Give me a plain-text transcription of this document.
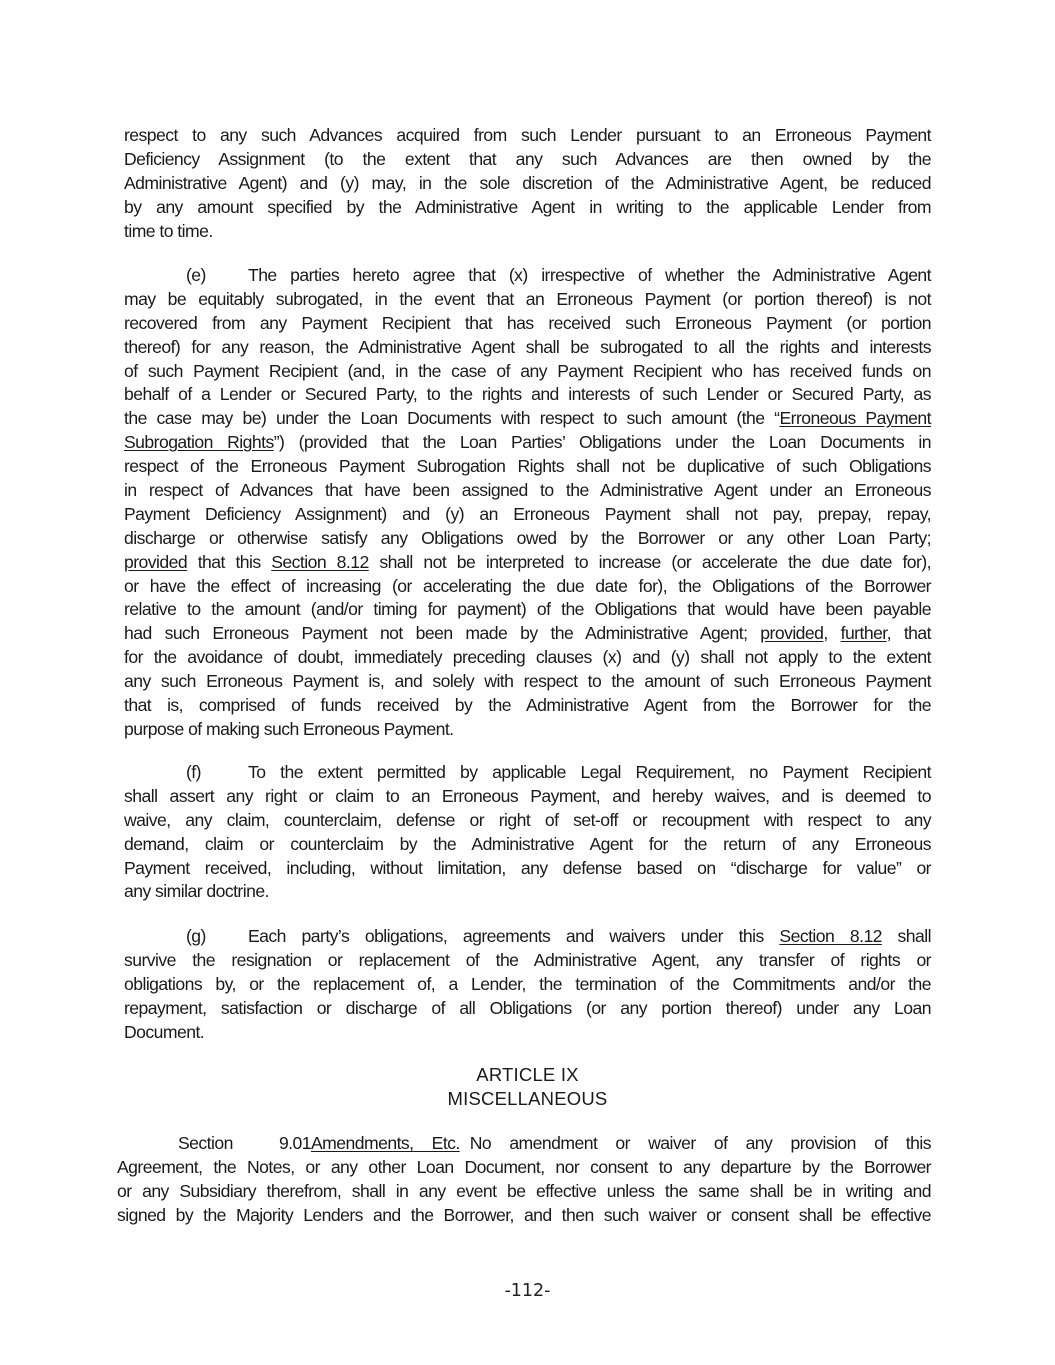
respect to any such Advances acquired from such Lender pursuant to an Erroneous Payment
Deficiency Assignment (to the extent that any such Advances are then owned by the
Administrative Agent) and (y) may, in the sole discretion of the Administrative Agent, be reduced
by any amount specified by the Administrative Agent in writing to the applicable Lender from
time to time.
(e) The parties hereto agree that (x) irrespective of whether the Administrative Agent
may be equitably subrogated, in the event that an Erroneous Payment (or portion thereof) is not
recovered from any Payment Recipient that has received such Erroneous Payment (or portion
thereof) for any reason, the Administrative Agent shall be subrogated to all the rights and interests
of such Payment Recipient (and, in the case of any Payment Recipient who has received funds on
behalf of a Lender or Secured Party, to the rights and interests of such Lender or Secured Party, as
the case may be) under the Loan Documents with respect to such amount (the “Erroneous Payment
Subrogation Rights”) (provided that the Loan Parties’ Obligations under the Loan Documents in
respect of the Erroneous Payment Subrogation Rights shall not be duplicative of such Obligations
in respect of Advances that have been assigned to the Administrative Agent under an Erroneous
Payment Deficiency Assignment) and (y) an Erroneous Payment shall not pay, prepay, repay,
discharge or otherwise satisfy any Obligations owed by the Borrower or any other Loan Party;
provided that this Section 8.12 shall not be interpreted to increase (or accelerate the due date for),
or have the effect of increasing (or accelerating the due date for), the Obligations of the Borrower
relative to the amount (and/or timing for payment) of the Obligations that would have been payable
had such Erroneous Payment not been made by the Administrative Agent; provided, further, that
for the avoidance of doubt, immediately preceding clauses (x) and (y) shall not apply to the extent
any such Erroneous Payment is, and solely with respect to the amount of such Erroneous Payment
that is, comprised of funds received by the Administrative Agent from the Borrower for the
purpose of making such Erroneous Payment.
(f)	To the extent permitted by applicable Legal Requirement, no Payment Recipient
shall assert any right or claim to an Erroneous Payment, and hereby waives, and is deemed to
waive, any claim, counterclaim, defense or right of set-off or recoupment with respect to any
demand, claim or counterclaim by the Administrative Agent for the return of any Erroneous
Payment received, including, without limitation, any defense based on “discharge for value” or
any similar doctrine.
(g) Each party’s obligations, agreements and waivers under this Section 8.12 shall
survive the resignation or replacement of the Administrative Agent, any transfer of rights or
obligations by, or the replacement of, a Lender, the termination of the Commitments and/or the
repayment, satisfaction or discharge of all Obligations (or any portion thereof) under any Loan
Document.
ARTICLE IX
MISCELLANEOUS
Section 9.01Amendments, Etc. No amendment or waiver of any provision of this
Agreement, the Notes, or any other Loan Document, nor consent to any departure by the Borrower
or any Subsidiary therefrom, shall in any event be effective unless the same shall be in writing and
signed by the Majority Lenders and the Borrower, and then such waiver or consent shall be effective
-112-
